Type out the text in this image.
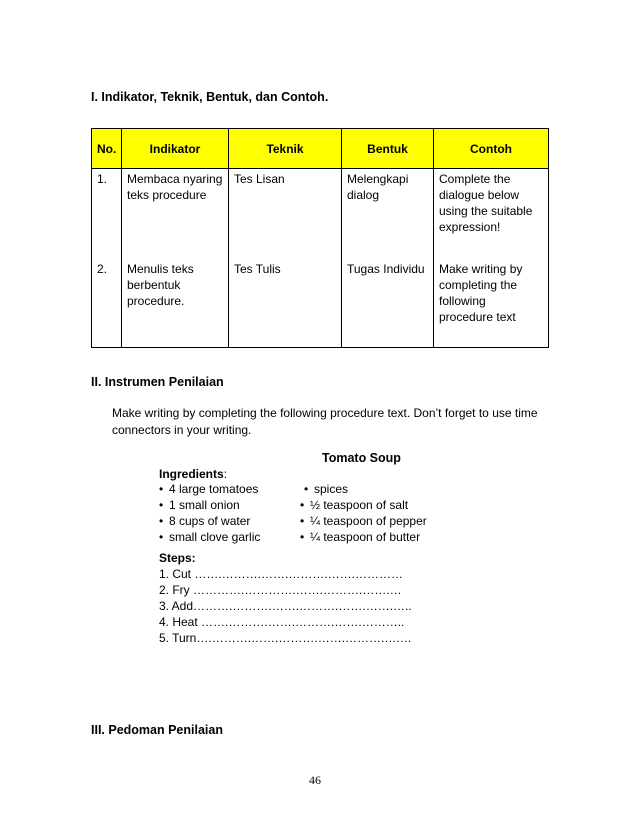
I. Indikator, Teknik, Bentuk, dan Contoh.
No.	Indikator	Teknik	Bentuk	Contoh
1.	Membaca nyaring teks procedure	Tes Lisan	Melengkapi dialog	Complete the dialogue below using the suitable expression!
2.	Menulis teks berbentuk procedure.	Tes Tulis	Tugas Individu	Make writing by completing the following procedure text
II. Instrumen Penilaian
Make writing by completing the following procedure text. Don’t forget to use time connectors in your writing.
Tomato Soup
Ingredients:
• 4 large tomatoes
• 1 small onion
• 8 cups of water
• small clove garlic
• spices
• ½ teaspoon of salt
• ¼ teaspoon of pepper
• ¼ teaspoon of butter
Steps:
1. Cut …….……….…….……….…….…………
2. Fry ………….………….…….……….…….…
3. Add……….……….…….……….…….…….…..
4. Heat …….……….…….……….…….………..
5. Turn….……….…….……….…….……….….…
III. Pedoman Penilaian
46
